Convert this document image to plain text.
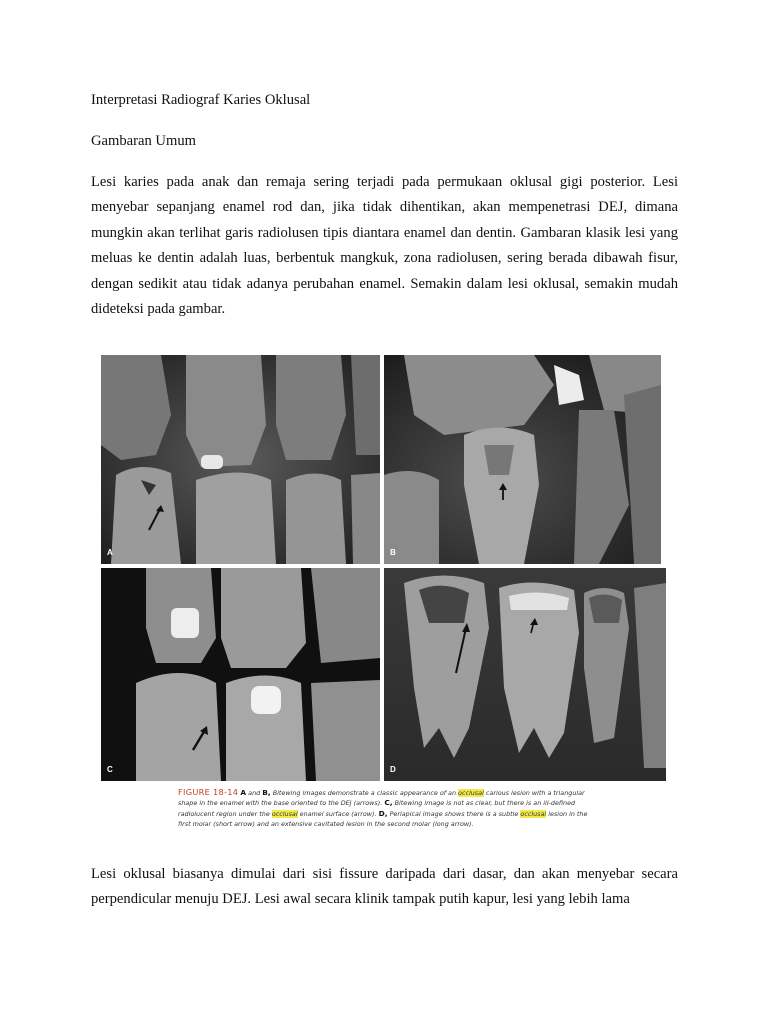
Interpretasi Radiograf Karies Oklusal
Gambaran Umum

Lesi karies pada anak dan remaja sering terjadi pada permukaan oklusal gigi posterior. Lesi menyebar sepanjang enamel rod dan, jika tidak dihentikan, akan mempenetrasi DEJ, dimana mungkin akan terlihat garis radiolusen tipis diantara enamel dan dentin. Gambaran klasik lesi yang meluas ke dentin adalah luas, berbentuk mangkuk, zona radiolusen, sering berada dibawah fisur, dengan sedikit atau tidak adanya perubahan enamel. Semakin dalam lesi oklusal, semakin mudah dideteksi pada gambar.

A	B
C	D
FIGURE 18-14 A and B, Bitewing images demonstrate a classic appearance of an occlusal carious lesion with a triangular shape in the enamel with the base oriented to the DEJ (arrows). C, Bitewing image is not as clear, but there is an ill-defined radiolucent region under the occlusal enamel surface (arrow). D, Periapical image shows there is a subtle occlusal lesion in the first molar (short arrow) and an extensive cavitated lesion in the second molar (long arrow).

Lesi oklusal biasanya dimulai dari sisi fissure daripada dari dasar, dan akan menyebar secara perpendicular menuju DEJ. Lesi awal secara klinik tampak putih kapur, lesi yang lebih lama
